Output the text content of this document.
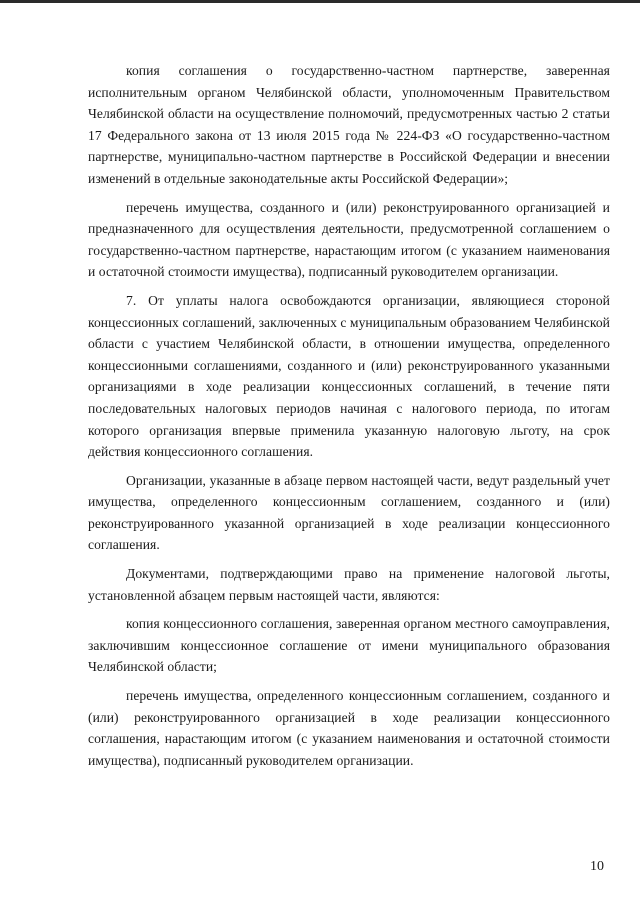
копия соглашения о государственно-частном партнерстве, заверенная исполнительным органом Челябинской области, уполномоченным Правительством Челябинской области на осуществление полномочий, предусмотренных частью 2 статьи 17 Федерального закона от 13 июля 2015 года № 224-ФЗ «О государственно-частном партнерстве, муниципально-частном партнерстве в Российской Федерации и внесении изменений в отдельные законодательные акты Российской Федерации»;

перечень имущества, созданного и (или) реконструированного организацией и предназначенного для осуществления деятельности, предусмотренной соглашением о государственно-частном партнерстве, нарастающим итогом (с указанием наименования и остаточной стоимости имущества), подписанный руководителем организации.

7. От уплаты налога освобождаются организации, являющиеся стороной концессионных соглашений, заключенных с муниципальным образованием Челябинской области с участием Челябинской области, в отношении имущества, определенного концессионными соглашениями, созданного и (или) реконструированного указанными организациями в ходе реализации концессионных соглашений, в течение пяти последовательных налоговых периодов начиная с налогового периода, по итогам которого организация впервые применила указанную налоговую льготу, на срок действия концессионного соглашения.

Организации, указанные в абзаце первом настоящей части, ведут раздельный учет имущества, определенного концессионным соглашением, созданного и (или) реконструированного указанной организацией в ходе реализации концессионного соглашения.

Документами, подтверждающими право на применение налоговой льготы, установленной абзацем первым настоящей части, являются:

копия концессионного соглашения, заверенная органом местного самоуправления, заключившим концессионное соглашение от имени муниципального образования Челябинской области;

перечень имущества, определенного концессионным соглашением, созданного и (или) реконструированного организацией в ходе реализации концессионного соглашения, нарастающим итогом (с указанием наименования и остаточной стоимости имущества), подписанный руководителем организации.

10
